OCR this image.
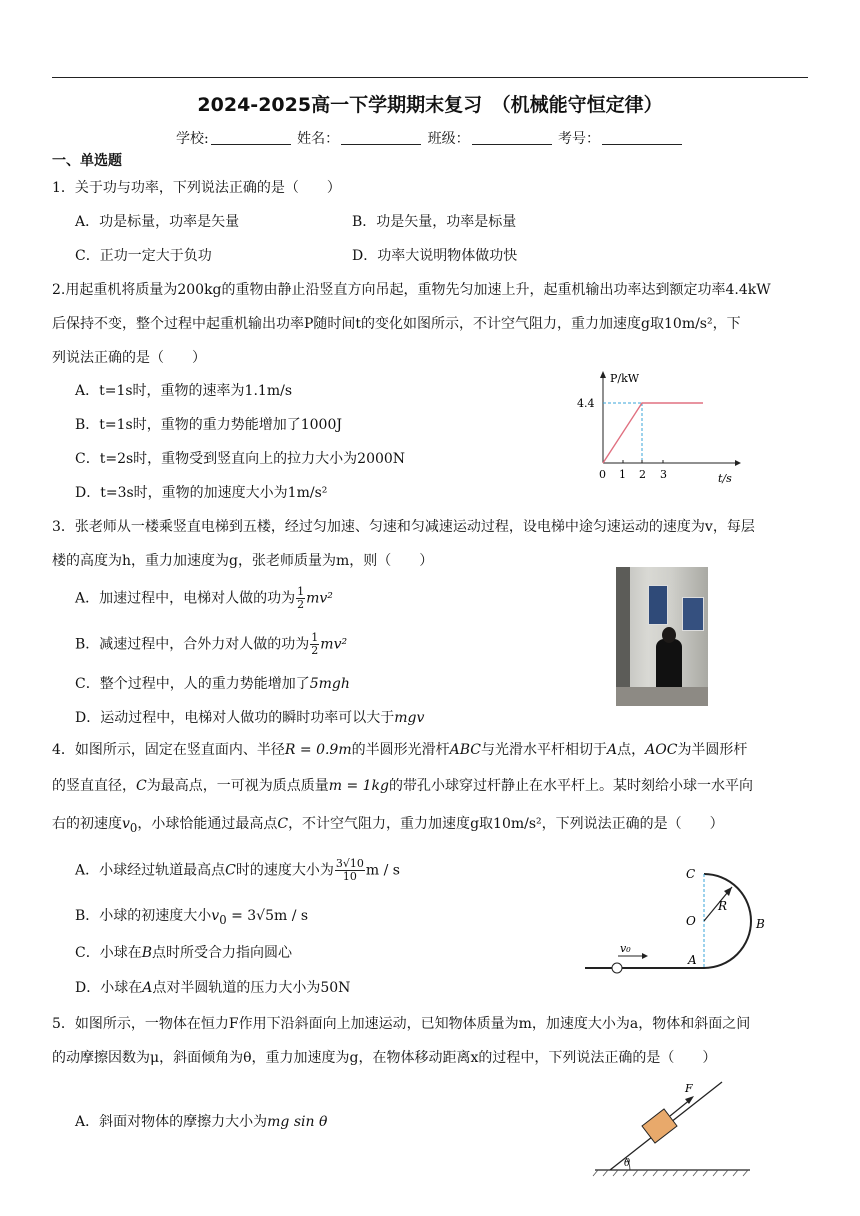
2024-2025高一下学期期末复习　（机械能守恒定律）
学校:	姓名：	班级：	考号：
一、单选题
1．关于功与功率，下列说法正确的是（　　）
A．功是标量，功率是矢量	B．功是矢量，功率是标量
C．正功一定大于负功	D．功率大说明物体做功快
2.用起重机将质量为200kg的重物由静止沿竖直方向吊起，重物先匀加速上升，起重机输出功率达到额定功率4.4kW
后保持不变，整个过程中起重机输出功率P随时间t的变化如图所示，不计空气阻力，重力加速度g取10m/s²，下
列说法正确的是（　　）
A．t=1s时，重物的速率为1.1m/s
B．t=1s时，重物的重力势能增加了1000J
C．t=2s时，重物受到竖直向上的拉力大小为2000N
D．t=3s时，重物的加速度大小为1m/s²
P/kW
4.4
0 1 2 3	t/s
3．张老师从一楼乘竖直电梯到五楼，经过匀加速、匀速和匀减速运动过程，设电梯中途匀速运动的速度为v，每层
楼的高度为h，重力加速度为g，张老师质量为m，则（　　）
A．加速过程中，电梯对人做的功为 $\frac{1}{2} mv^2$
B．减速过程中，合外力对人做的功为 $\frac{1}{2} mv^2$
C．整个过程中，人的重力势能增加了5mgh
D．运动过程中，电梯对人做功的瞬时功率可以大于mgv
4．如图所示，固定在竖直面内、半径R = 0.9m的半圆形光滑杆ABC与光滑水平杆相切于A点，AOC为半圆形杆
的竖直直径，C为最高点，一可视为质点质量m = 1kg的带孔小球穿过杆静止在水平杆上。某时刻给小球一水平向
右的初速度$v_0$，小球恰能通过最高点C，不计空气阻力，重力加速度g取10m/s²，下列说法正确的是（　　）
A．小球经过轨道最高点C时的速度大小为 $\frac{3√10}{10}$ m / s
B．小球的初速度大小$v_0 = 3√5m / s$
C．小球在B点时所受合力指向圆心
D．小球在A点对半圆轨道的压力大小为50N
C
O
R
B
A
v₀
5．如图所示，一物体在恒力F作用下沿斜面向上加速运动，已知物体质量为m，加速度大小为a，物体和斜面之间
的动摩擦因数为μ，斜面倾角为θ，重力加速度为g，在物体移动距离x的过程中，下列说法正确的是（　　）
A．斜面对物体的摩擦力大小为mg sin θ
F
θ
